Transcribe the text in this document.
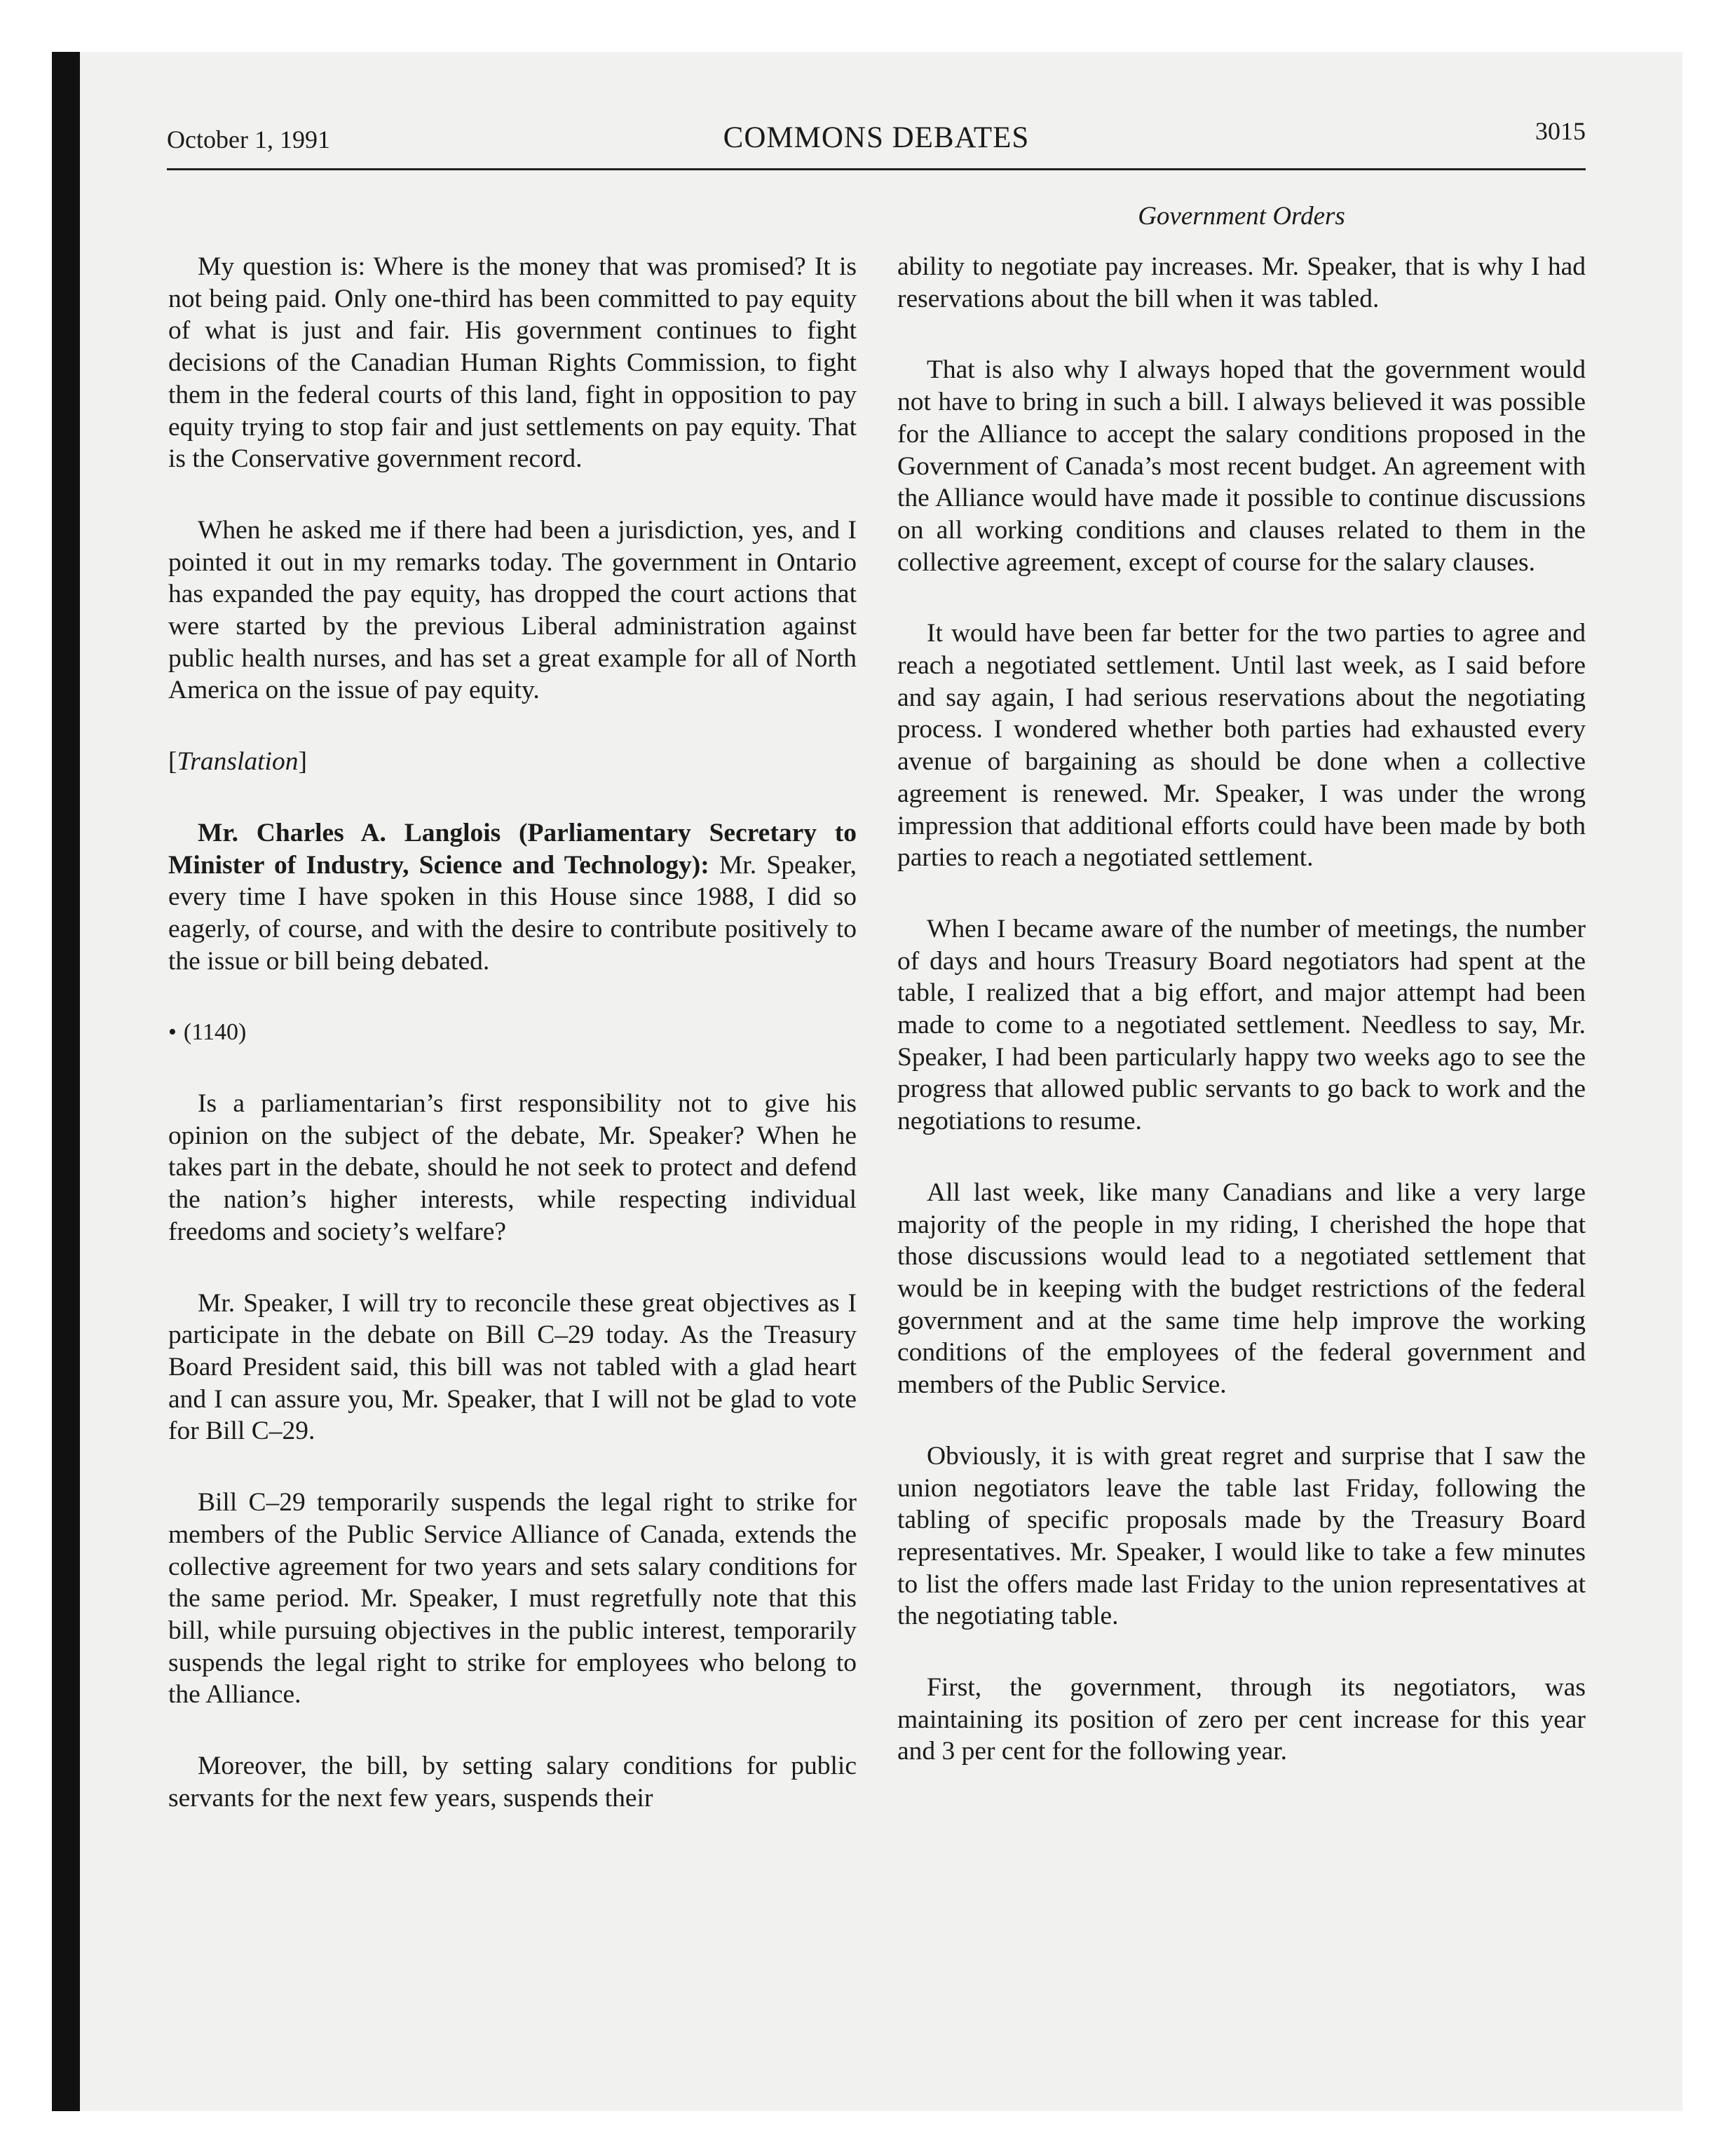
October 1, 1991	COMMONS DEBATES	3015
Government Orders

My question is: Where is the money that was promised? It is not being paid. Only one-third has been committed to pay equity of what is just and fair. His government continues to fight decisions of the Canadian Human Rights Commission, to fight them in the federal courts of this land, fight in opposition to pay equity trying to stop fair and just settlements on pay equity. That is the Conservative government record.

When he asked me if there had been a jurisdiction, yes, and I pointed it out in my remarks today. The government in Ontario has expanded the pay equity, has dropped the court actions that were started by the previous Liberal administration against public health nurses, and has set a great example for all of North America on the issue of pay equity.

[Translation]

Mr. Charles A. Langlois (Parliamentary Secretary to Minister of Industry, Science and Technology): Mr. Speaker, every time I have spoken in this House since 1988, I did so eagerly, of course, and with the desire to contribute positively to the issue or bill being debated.

• (1140)

Is a parliamentarian’s first responsibility not to give his opinion on the subject of the debate, Mr. Speaker? When he takes part in the debate, should he not seek to protect and defend the nation’s higher interests, while respecting individual freedoms and society’s welfare?

Mr. Speaker, I will try to reconcile these great objectives as I participate in the debate on Bill C–29 today. As the Treasury Board President said, this bill was not tabled with a glad heart and I can assure you, Mr. Speaker, that I will not be glad to vote for Bill C–29.

Bill C–29 temporarily suspends the legal right to strike for members of the Public Service Alliance of Canada, extends the collective agreement for two years and sets salary conditions for the same period. Mr. Speaker, I must regretfully note that this bill, while pursuing objectives in the public interest, temporarily suspends the legal right to strike for employees who belong to the Alliance.

Moreover, the bill, by setting salary conditions for public servants for the next few years, suspends their

ability to negotiate pay increases. Mr. Speaker, that is why I had reservations about the bill when it was tabled.

That is also why I always hoped that the government would not have to bring in such a bill. I always believed it was possible for the Alliance to accept the salary conditions proposed in the Government of Canada’s most recent budget. An agreement with the Alliance would have made it possible to continue discussions on all working conditions and clauses related to them in the collective agreement, except of course for the salary clauses.

It would have been far better for the two parties to agree and reach a negotiated settlement. Until last week, as I said before and say again, I had serious reservations about the negotiating process. I wondered whether both parties had exhausted every avenue of bargaining as should be done when a collective agreement is renewed. Mr. Speaker, I was under the wrong impression that additional efforts could have been made by both parties to reach a negotiated settlement.

When I became aware of the number of meetings, the number of days and hours Treasury Board negotiators had spent at the table, I realized that a big effort, and major attempt had been made to come to a negotiated settlement. Needless to say, Mr. Speaker, I had been particularly happy two weeks ago to see the progress that allowed public servants to go back to work and the negotiations to resume.

All last week, like many Canadians and like a very large majority of the people in my riding, I cherished the hope that those discussions would lead to a negotiated settlement that would be in keeping with the budget restrictions of the federal government and at the same time help improve the working conditions of the employees of the federal government and members of the Public Service.

Obviously, it is with great regret and surprise that I saw the union negotiators leave the table last Friday, following the tabling of specific proposals made by the Treasury Board representatives. Mr. Speaker, I would like to take a few minutes to list the offers made last Friday to the union representatives at the negotiating table.

First, the government, through its negotiators, was maintaining its position of zero per cent increase for this year and 3 per cent for the following year.
